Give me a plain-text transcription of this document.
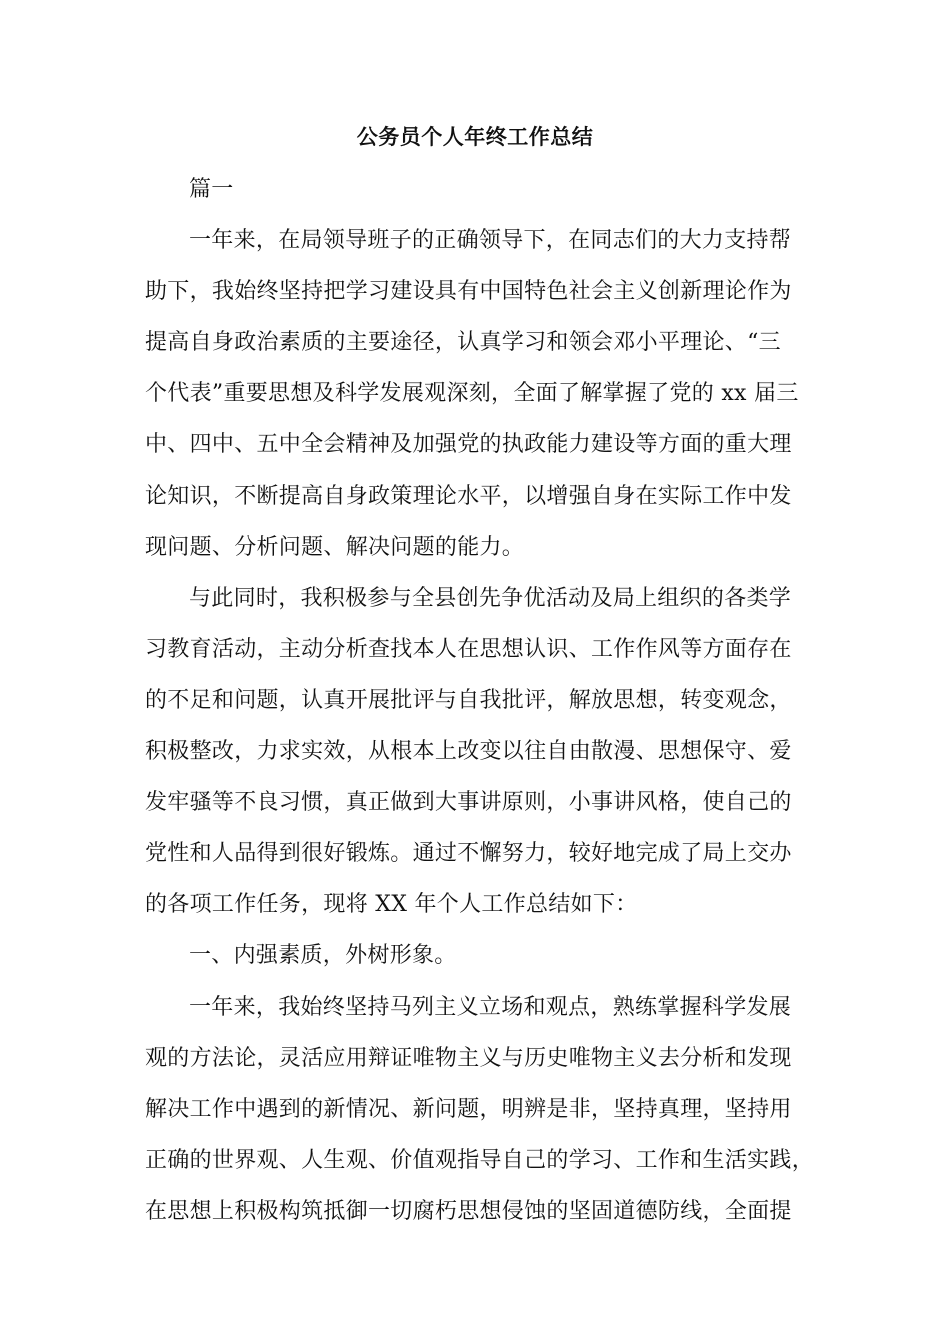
公务员个人年终工作总结
篇一
一年来，在局领导班子的正确领导下，在同志们的大力支持帮
助下，我始终坚持把学习建设具有中国特色社会主义创新理论作为
提高自身政治素质的主要途径，认真学习和领会邓小平理论、“三
个代表”重要思想及科学发展观深刻，全面了解掌握了党的 xx 届三
中、四中、五中全会精神及加强党的执政能力建设等方面的重大理
论知识，不断提高自身政策理论水平，以增强自身在实际工作中发
现问题、分析问题、解决问题的能力。
与此同时，我积极参与全县创先争优活动及局上组织的各类学
习教育活动，主动分析查找本人在思想认识、工作作风等方面存在
的不足和问题，认真开展批评与自我批评，解放思想，转变观念，
积极整改，力求实效，从根本上改变以往自由散漫、思想保守、爱
发牢骚等不良习惯，真正做到大事讲原则，小事讲风格，使自己的
党性和人品得到很好锻炼。通过不懈努力，较好地完成了局上交办
的各项工作任务，现将 XX 年个人工作总结如下：
一、内强素质，外树形象。
一年来，我始终坚持马列主义立场和观点，熟练掌握科学发展
观的方法论，灵活应用辩证唯物主义与历史唯物主义去分析和发现
解决工作中遇到的新情况、新问题，明辨是非，坚持真理，坚持用
正确的世界观、人生观、价值观指导自己的学习、工作和生活实践，
在思想上积极构筑抵御一切腐朽思想侵蚀的坚固道德防线，全面提
